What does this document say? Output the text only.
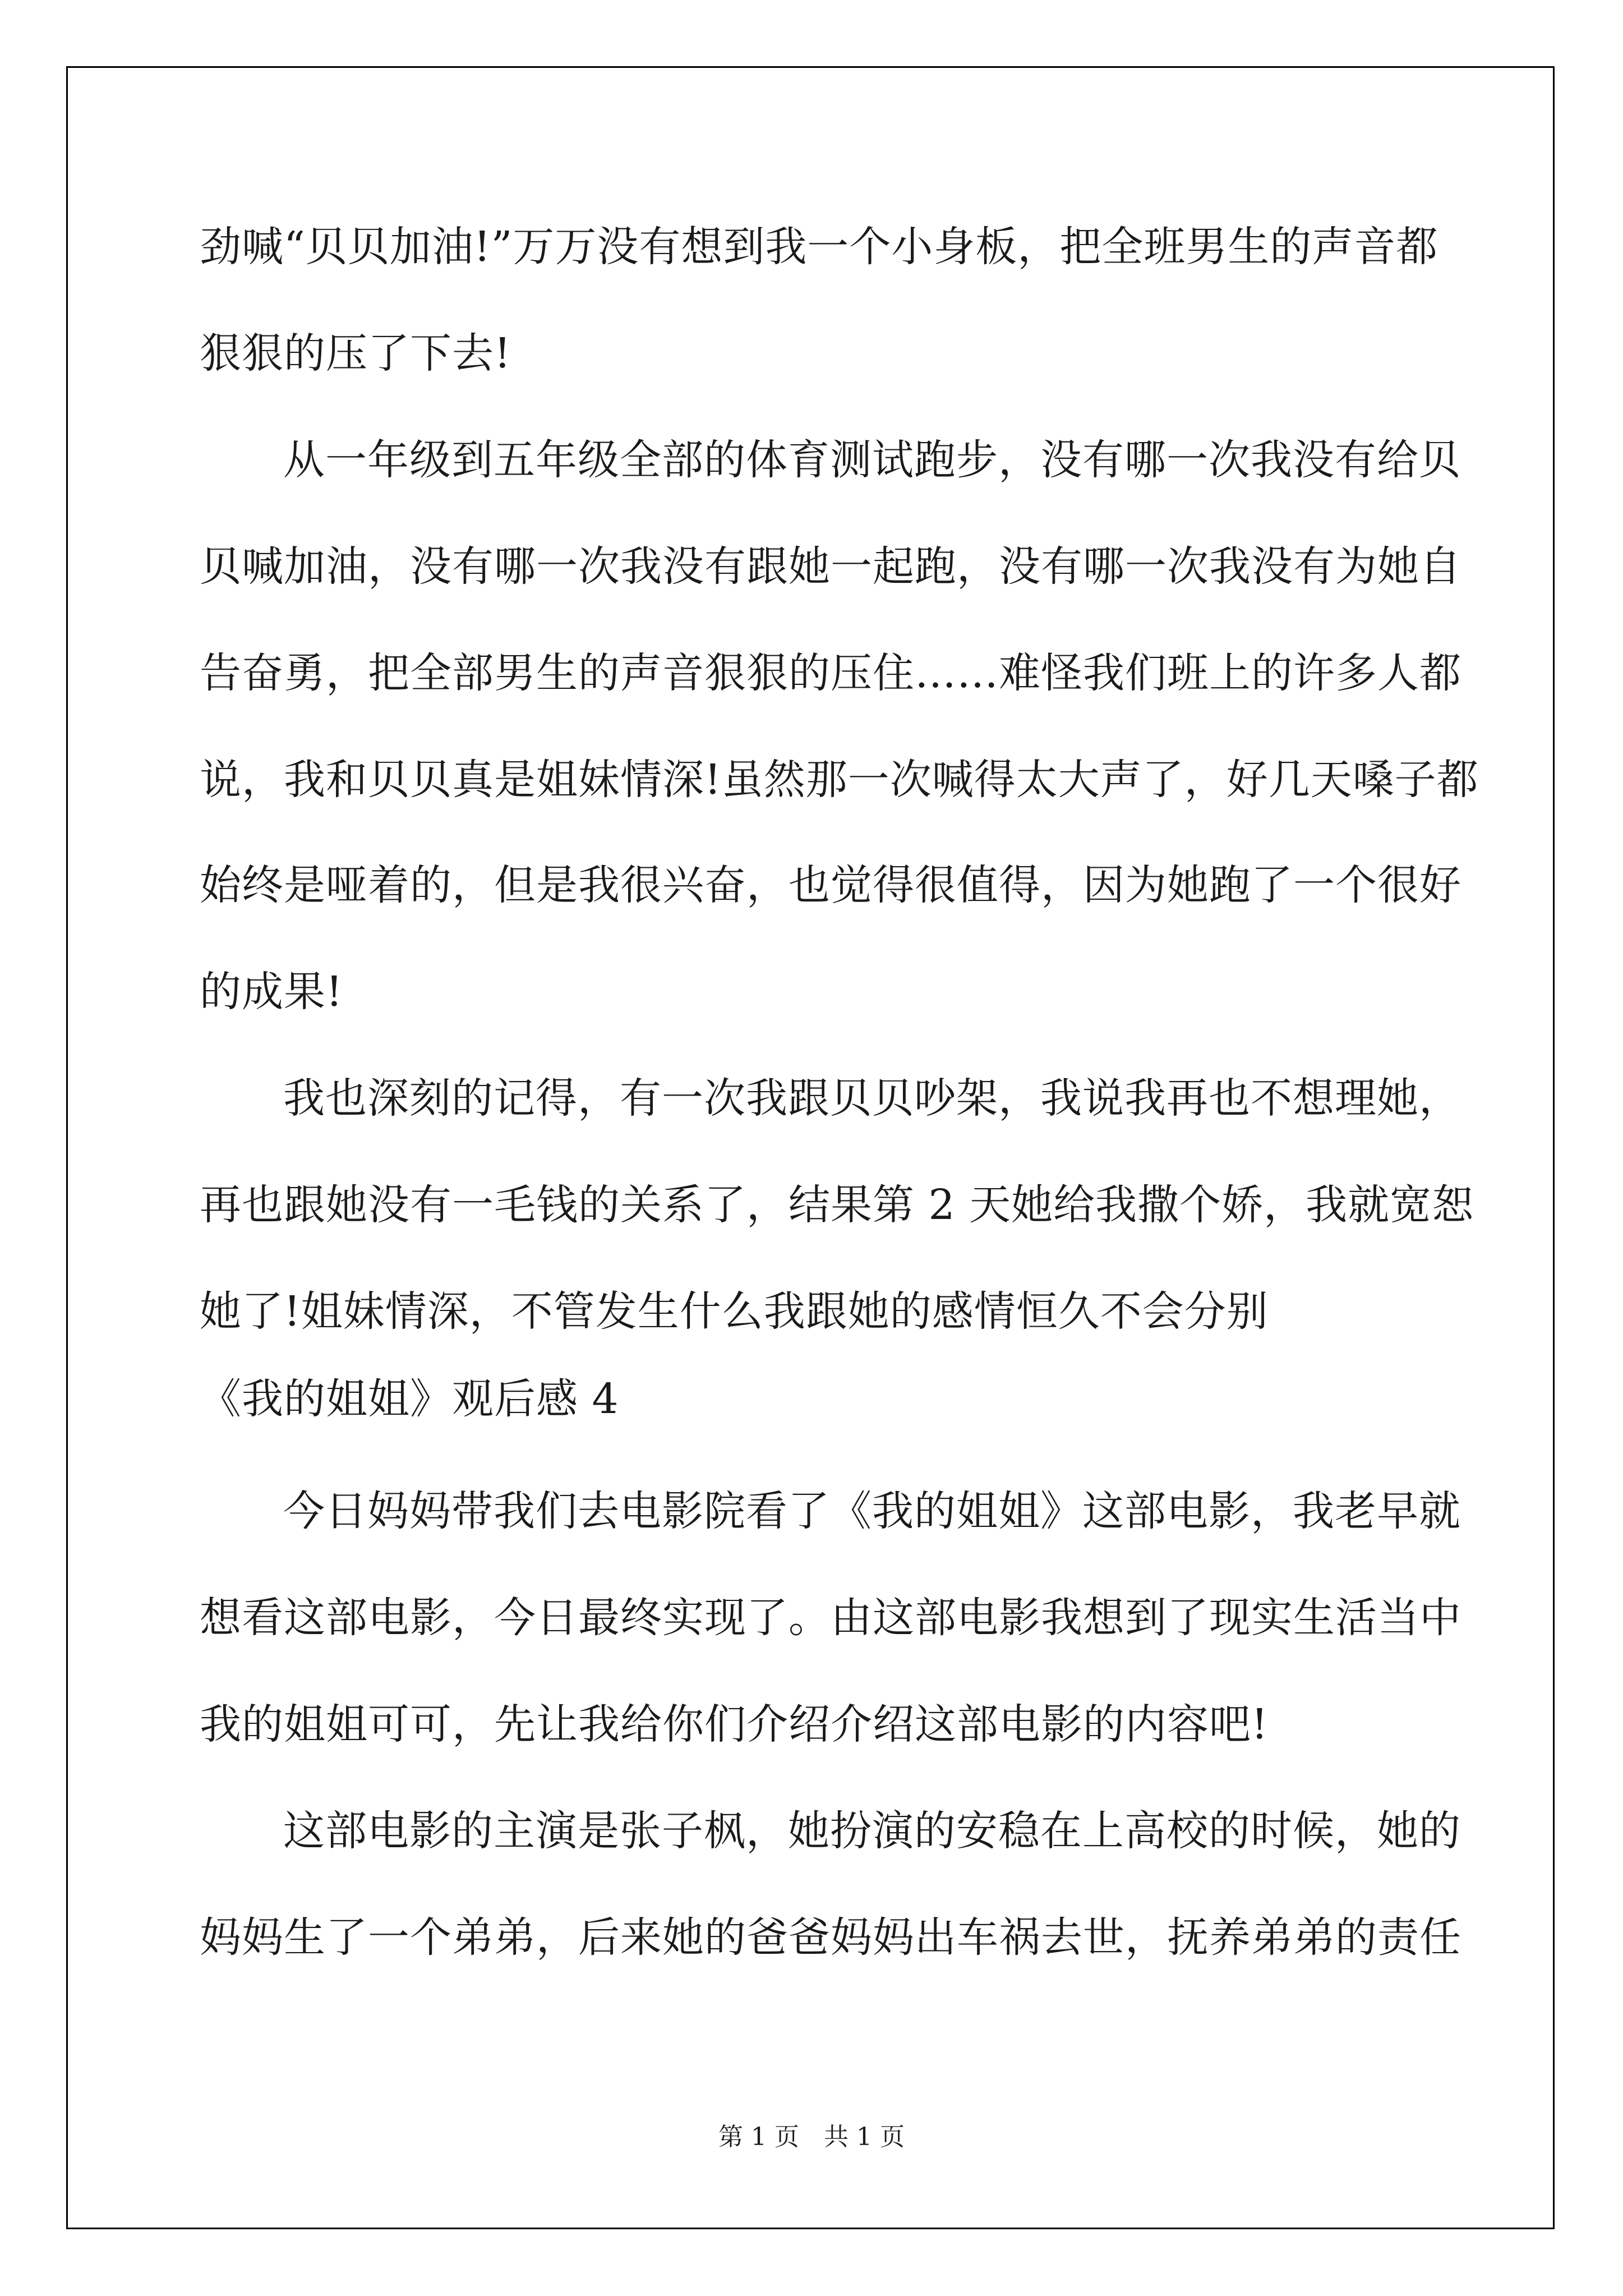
劲喊“贝贝加油!”万万没有想到我一个小身板，把全班男生的声音都

狠狠的压了下去!

从一年级到五年级全部的体育测试跑步，没有哪一次我没有给贝

贝喊加油，没有哪一次我没有跟她一起跑，没有哪一次我没有为她自

告奋勇，把全部男生的声音狠狠的压住……难怪我们班上的许多人都

说，我和贝贝真是姐妹情深!虽然那一次喊得太大声了，好几天嗓子都

始终是哑着的，但是我很兴奋，也觉得很值得，因为她跑了一个很好

的成果!

我也深刻的记得，有一次我跟贝贝吵架，我说我再也不想理她，

再也跟她没有一毛钱的关系了，结果第 2 天她给我撒个娇，我就宽恕

她了!姐妹情深，不管发生什么我跟她的感情恒久不会分别

《我的姐姐》观后感 4

今日妈妈带我们去电影院看了《我的姐姐》这部电影，我老早就

想看这部电影，今日最终实现了。由这部电影我想到了现实生活当中

我的姐姐可可，先让我给你们介绍介绍这部电影的内容吧!

这部电影的主演是张子枫，她扮演的安稳在上高校的时候，她的

妈妈生了一个弟弟，后来她的爸爸妈妈出车祸去世，抚养弟弟的责任

第 1 页　共 1 页
